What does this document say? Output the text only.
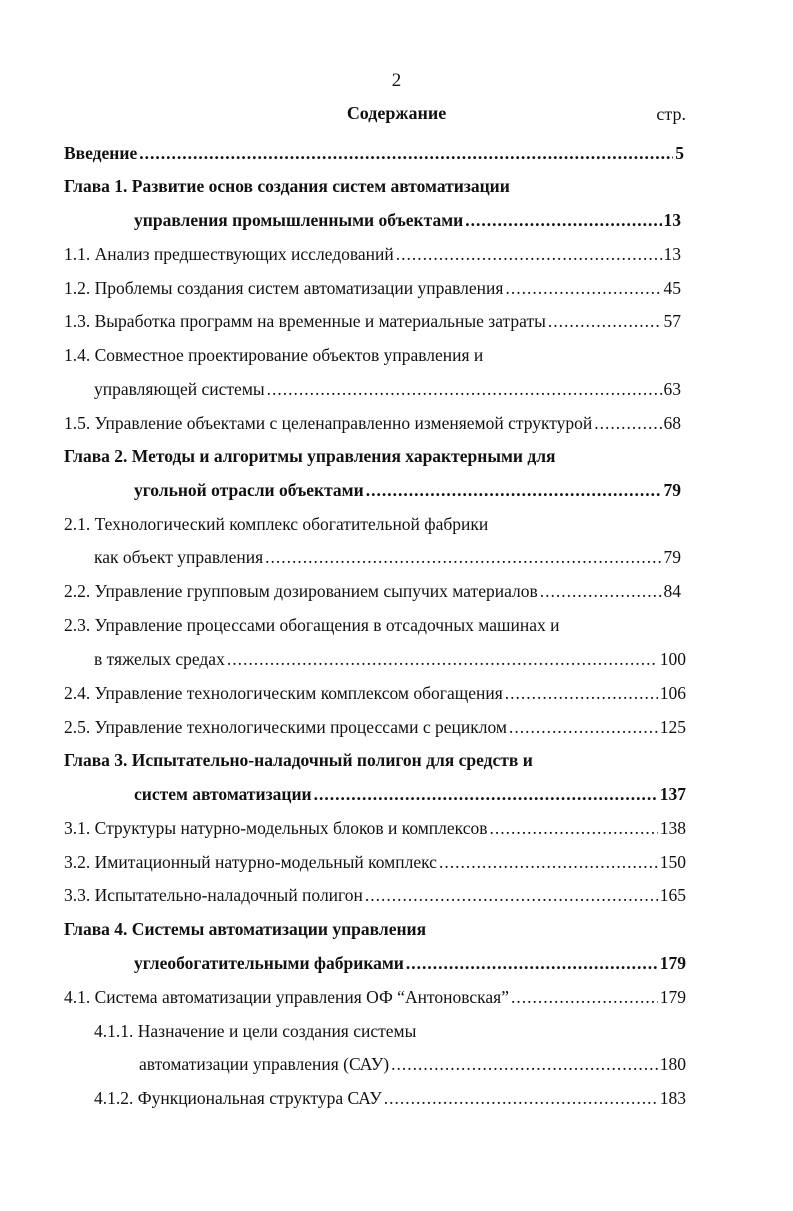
2
Содержание	стр.
Введение .....	5
Глава 1. Развитие основ создания систем автоматизации
управления промышленными объектами .....	13
1.1. Анализ предшествующих исследований .....	13
1.2. Проблемы создания систем автоматизации управления .....	45
1.3. Выработка программ на временные и материальные затраты .....	57
1.4. Совместное проектирование объектов управления и
управляющей системы .....	63
1.5. Управление объектами с целенаправленно изменяемой структурой .....	68
Глава 2. Методы и алгоритмы управления характерными для
угольной отрасли объектами .....	79
2.1. Технологический комплекс обогатительной фабрики
как объект управления .....	79
2.2. Управление групповым дозированием сыпучих материалов .....	84
2.3. Управление процессами обогащения в отсадочных машинах и
в тяжелых средах .....	100
2.4. Управление технологическим комплексом обогащения .....	106
2.5. Управление технологическими процессами с рециклом .....	125
Глава 3. Испытательно-наладочный полигон для средств и
систем автоматизации .....	137
3.1. Структуры натурно-модельных блоков и комплексов .....	138
3.2. Имитационный натурно-модельный комплекс .....	150
3.3. Испытательно-наладочный полигон .....	165
Глава 4. Системы автоматизации управления
углеобогатительными фабриками .....	179
4.1. Система автоматизации управления ОФ “Антоновская” .....	179
4.1.1. Назначение и цели создания системы
автоматизации управления (САУ) .....	180
4.1.2. Функциональная структура САУ .....	183
